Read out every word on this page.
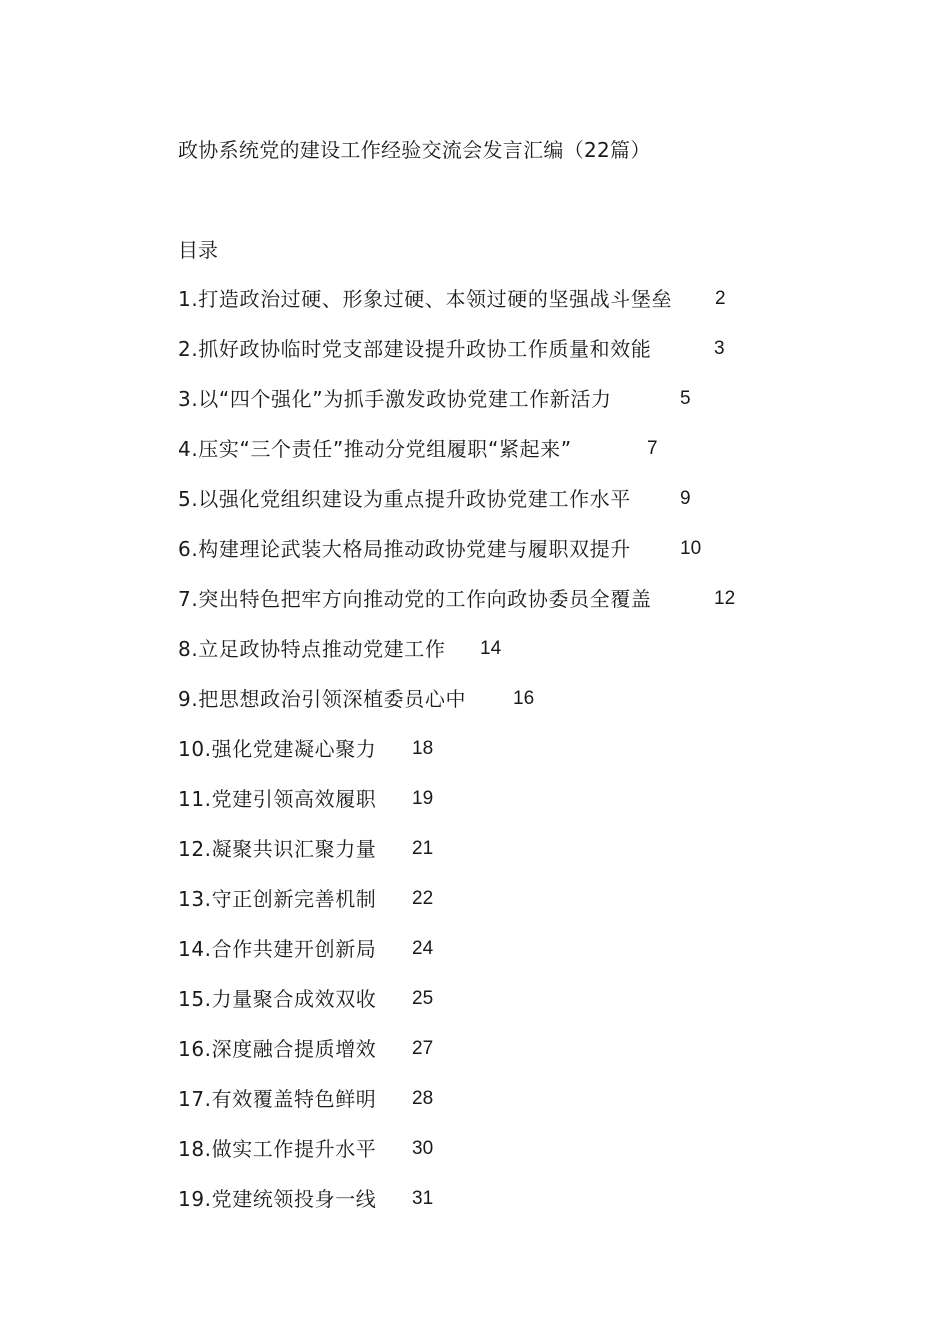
政协系统党的建设工作经验交流会发言汇编（22篇）
目录
1.打造政治过硬、形象过硬、本领过硬的坚强战斗堡垒 2
2.抓好政协临时党支部建设提升政协工作质量和效能	3
3.以“四个强化”为抓手激发政协党建工作新活力	5
4.压实“三个责任”推动分党组履职“紧起来”	7
5.以强化党组织建设为重点提升政协党建工作水平	9
6.构建理论武装大格局推动政协党建与履职双提升	10
7.突出特色把牢方向推动党的工作向政协委员全覆盖	12
8.立足政协特点推动党建工作 14
9.把思想政治引领深植委员心中 16
10.强化党建凝心聚力 18
11.党建引领高效履职 19
12.凝聚共识汇聚力量 21
13.守正创新完善机制 22
14.合作共建开创新局 24
15.力量聚合成效双收 25
16.深度融合提质增效 27
17.有效覆盖特色鲜明 28
18.做实工作提升水平 30
19.党建统领投身一线 31
